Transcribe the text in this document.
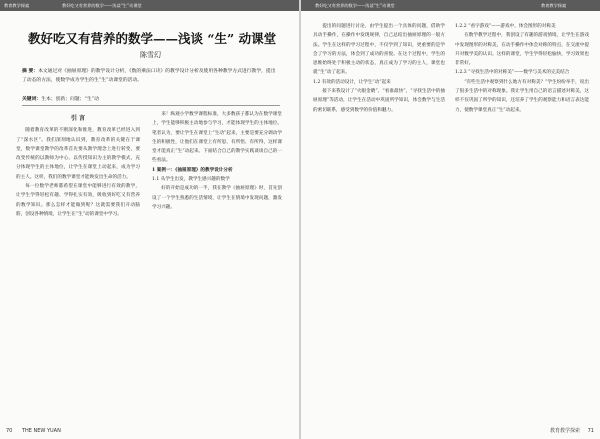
教育教学探索	教好吃又有营养的数学——浅谈“生”动课堂
教好吃又有营养的数学——浅谈 “生” 动课堂
陈雪幻
摘 要：本文通过对《抽屉原理》的教学设计分析，《数的乘法口诀》的教学设计分析及使用各种教学方式进行教学，提出了动态的方法，使数学成为学生的生“生”动课堂的活动。
关键词：生本；创新；问题；“生”动

引 言

随着教育改革的不断深化和推进，教育改革已经进入到了“深水区”。我们深刻地认识到，教育改革的关键在于课堂，数学课堂教学的改革首先要从教学理念上进行转变，要改变传统的以教师为中心、以传授知识为主的教学模式，充分体现学生的主体地位，让学生在课堂上动起来，成为学习的主人。这样，我们的数学课堂才能焕发出生命的活力。

每一位数学老师都希望在课堂中能够进行有效的教学，让学生学得轻松有趣、学得扎实有效，吸收到好吃又有营养的数学知识。那么怎样才能做到呢？这就需要我们开动脑筋，创设各种情境，让学生在“生”动的课堂中学习。

来！纵观小学数学课程标准，大多数孩子都认为在数学课堂上，学生能够积极主动地参与学习，才能体现学生的主体地位。笔者认为，要让学生在课堂上“生动”起来，主要是要充分调动学生的积极性，让他们在课堂上有所思、有所悟、有所得，这样课堂才能真正“生”动起来。下面结合自己的教学实践谈谈自己的一些看法。

1 案例一：《抽屉原理》的教学设计分析

1.1 从学生出发，教学生感兴趣的数学

好的开始是成功的一半，我在教学《抽屉原理》时，首先创设了一个学生熟悉的生活情境，让学生在情境中发现问题，激发学习兴趣。

70 THE NEW YUAN
教好吃又有营养的数学——浅谈“生”动课堂	教育教学探索

提出的问题进行讨论，由学生提出一个具体的问题，借助学具动手操作，在操作中发现规律，自己总结出抽屉原理的一般方法。学生在这样的学习过程中，不仅学到了知识，更重要的是学会了学习的方法，体会到了成功的喜悦。在这个过程中，学生的思维始终处于积极主动的状态，真正成为了学习的主人，课堂也就“生”动了起来。

1.2 有效的活动设计，让学生“动”起来

接下来我设计了“火眼金睛”、“看谁最快”、“寻找生活中的抽屉原理”等活动，让学生在活动中巩固所学知识，体会数学与生活的密切联系，感受到数学的价值和魅力。

1.2.2 “看字游戏”——游戏中，体会图形的对称美

在数学教学过程中，我创设了有趣的游戏情境，让学生在游戏中发现图形的对称美，在动手操作中体会对称的特点，在交流中提升对数学美的认识。这样的课堂，学生学得轻松愉快，学习效果也非常好。

1.2.3 “寻找生活中的对称美”——数学与美术的完美结合

“有些生活中观察到什么地方有对称美？”学生纷纷举手，说出了很多生活中的对称现象。我让学生用自己的语言描述对称美，这样不仅巩固了所学的知识，还培养了学生的观察能力和语言表达能力，使数学课堂真正“生”动起来。

教育教学探索 71
